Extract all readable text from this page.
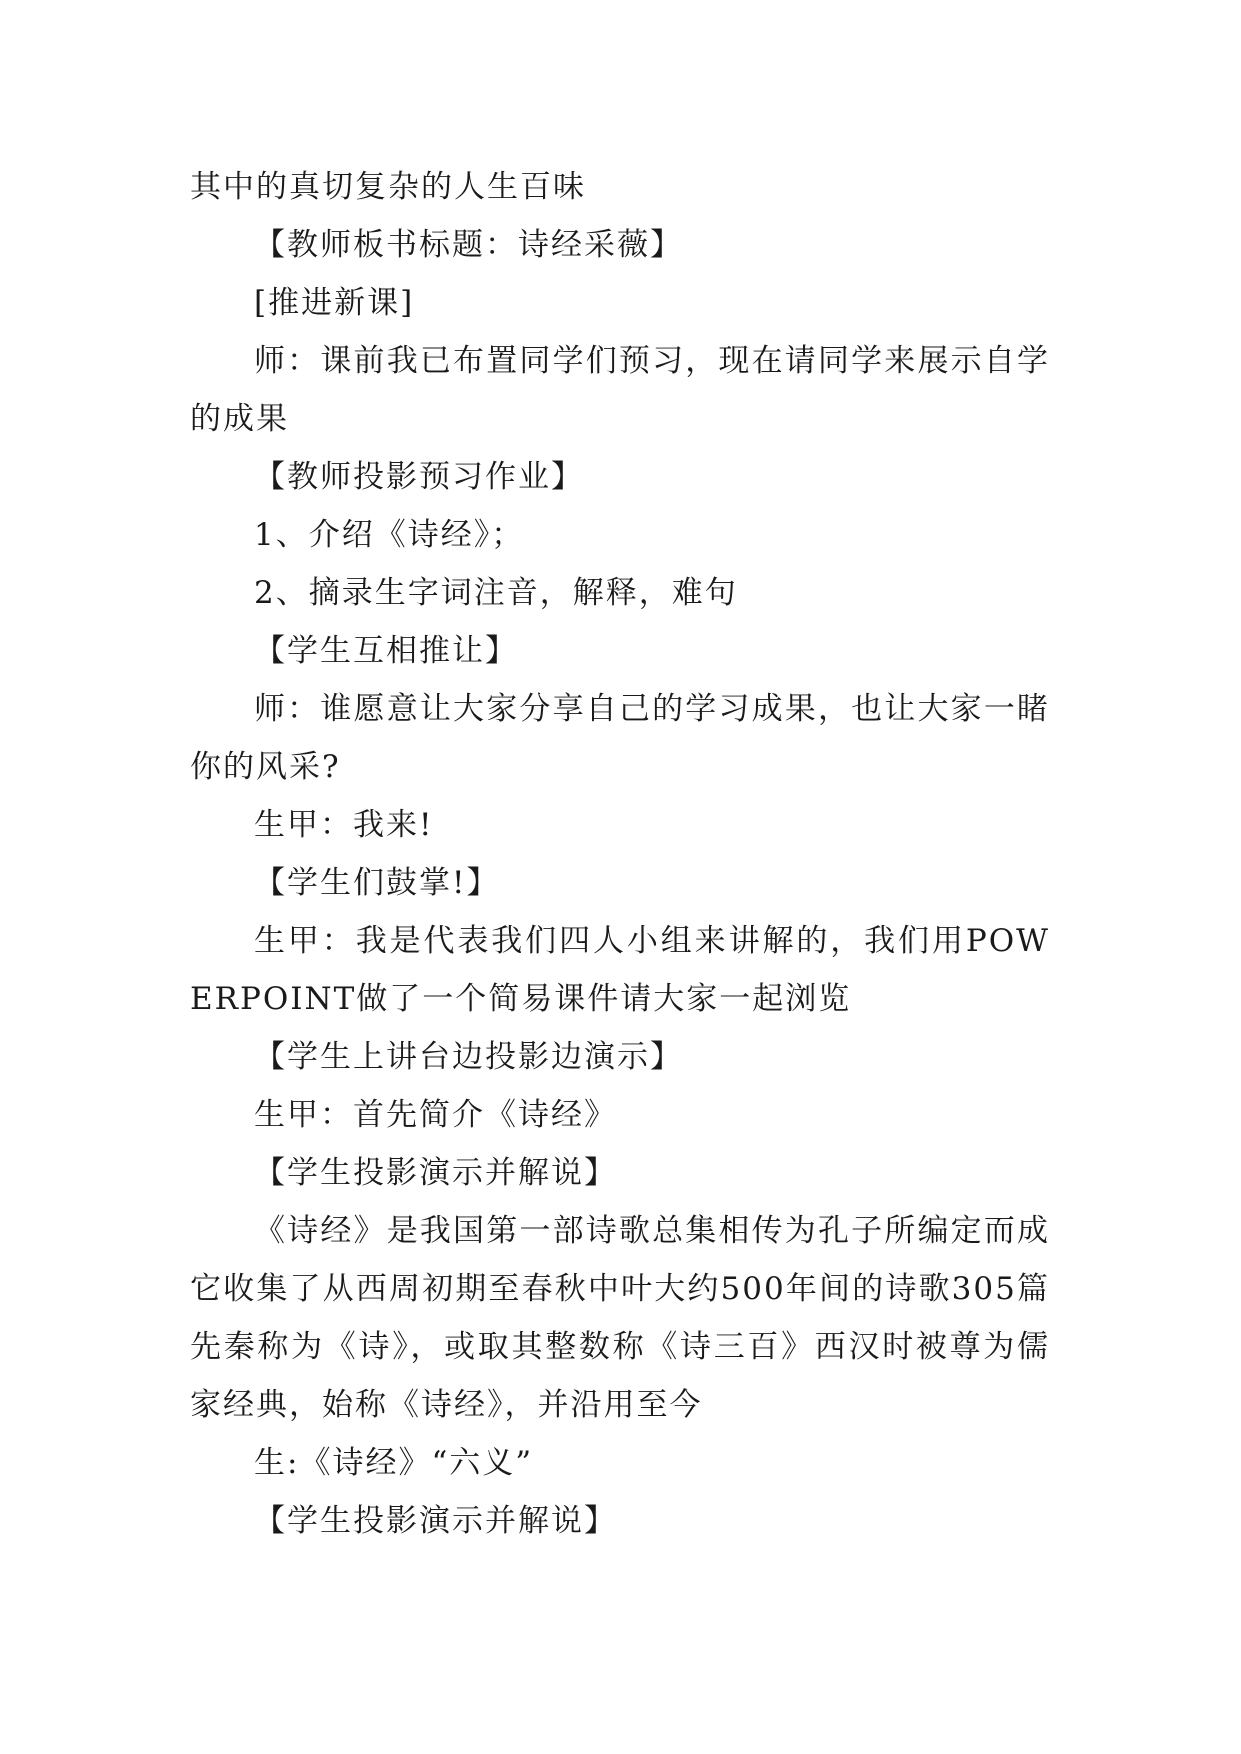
其中的真切复杂的人生百味

【教师板书标题：诗经采薇】

[推进新课]

师：课前我已布置同学们预习，现在请同学来展示自学的成果

【教师投影预习作业】

1、介绍《诗经》；

2、摘录生字词注音，解释，难句

【学生互相推让】

师：谁愿意让大家分享自己的学习成果，也让大家一睹你的风采?

生甲：我来!

【学生们鼓掌!】

生甲：我是代表我们四人小组来讲解的，我们用POWERPOINT做了一个简易课件请大家一起浏览

【学生上讲台边投影边演示】

生甲：首先简介《诗经》

【学生投影演示并解说】

《诗经》是我国第一部诗歌总集相传为孔子所编定而成它收集了从西周初期至春秋中叶大约500年间的诗歌305篇先秦称为《诗》，或取其整数称《诗三百》西汉时被尊为儒家经典，始称《诗经》，并沿用至今

生:《诗经》“六义”

【学生投影演示并解说】
